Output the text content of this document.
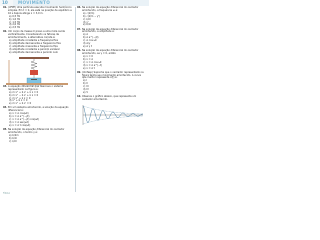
10 MOVIMENTO
01. (UFPE) Uma partícula executa movimento harmônico simples. Em t = 0, ela está na posição de equilíbrio e 10 s depois atinge x = 3,0 m.
a) 0,5 Hz
b) 1,0 Hz
c) 1,5 Hz
d) 2,0 Hz
e) 2,5 Hz
02. Um corpo de massa m preso a uma mola oscila verticalmente. Considerando os fatores de amortecimento, a alternativa correta é:
a) amplitude constante e frequência fixa
b) amplitude decrescente e frequência fixa
c) amplitude crescente e frequência fixa
d) amplitude constante e período variável
e) amplitude decrescente e período nulo
03. A equação diferencial que descreve o sistema representado na figura é:
a) m x'' + b x' + k x = 0
b) m x'' − b x' + k x = 0
c) m x'' + k x = 0
d) x'' + b x = 0
e) m x'' + b x' = 0
04. Em um sistema amortecido, a solução da equação diferencial é:
a) x = A cos(ωt)
b) x = A e^(−γt)
c) x = A e^(−γt) cos(ωt)
d) x = A sen(ωt)
e) x = A t cos(ωt)
05. Na solução da equação diferencial do oscilador amortecido, o termo γ é:
a) b/2m
b) b/m
c) k/m
06. Na solução da equação diferencial do oscilador amortecido, a frequência ω é:
a) √(k/m)
b) √(k/m − γ²)
c) k/m
d) γ²
e) b/m
07. Na solução da equação diferencial do oscilador amortecido, a amplitude é:
a) A
b) A e^(−γt)
c) A cos ωt
d) A/γ
e) A γ t
08. Na solução da equação diferencial do oscilador amortecido, se γ = 0, então:
a) x = 0
b) x = A
c) x = A cos ωt
d) x = A e^(−t)
e) x = A t
09. (Unifesp) Suponha que o oscilador representado na figura tenha seu movimento amortecido. A curva que melhor representa x(t) é:
a) I
b) II
c) III
d) IV
e) V
10. Observe o gráfico abaixo, que representa um oscilador amortecido.
FÍSICA
